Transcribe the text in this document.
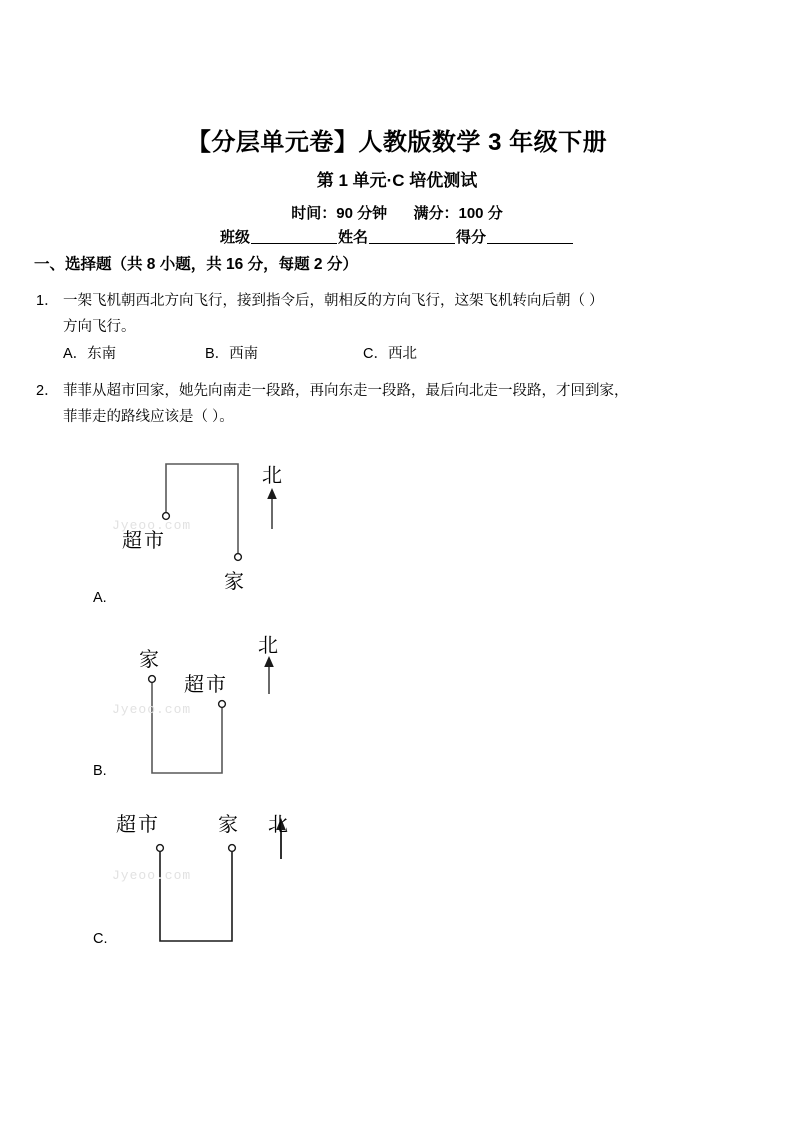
【分层单元卷】人教版数学 3 年级下册
第 1 单元·C 培优测试
时间：90 分钟 满分：100 分
班级	姓名	得分
一、选择题（共 8 小题，共 16 分，每题 2 分）
1． 一架飞机朝西北方向飞行，接到指令后，朝相反的方向飞行，这架飞机转向后朝（ ）
方向飞行。
A．东南	B．西南	C．西北
2． 菲菲从超市回家，她先向南走一段路，再向东走一段路，最后向北走一段路，才回到家，
菲菲走的路线应该是（ ）。
超市
家
北
A.
Jyeoo.com
家
超市
北
B.
Jyeoo.com
超市	家 北
C.
Jyeoo.com
